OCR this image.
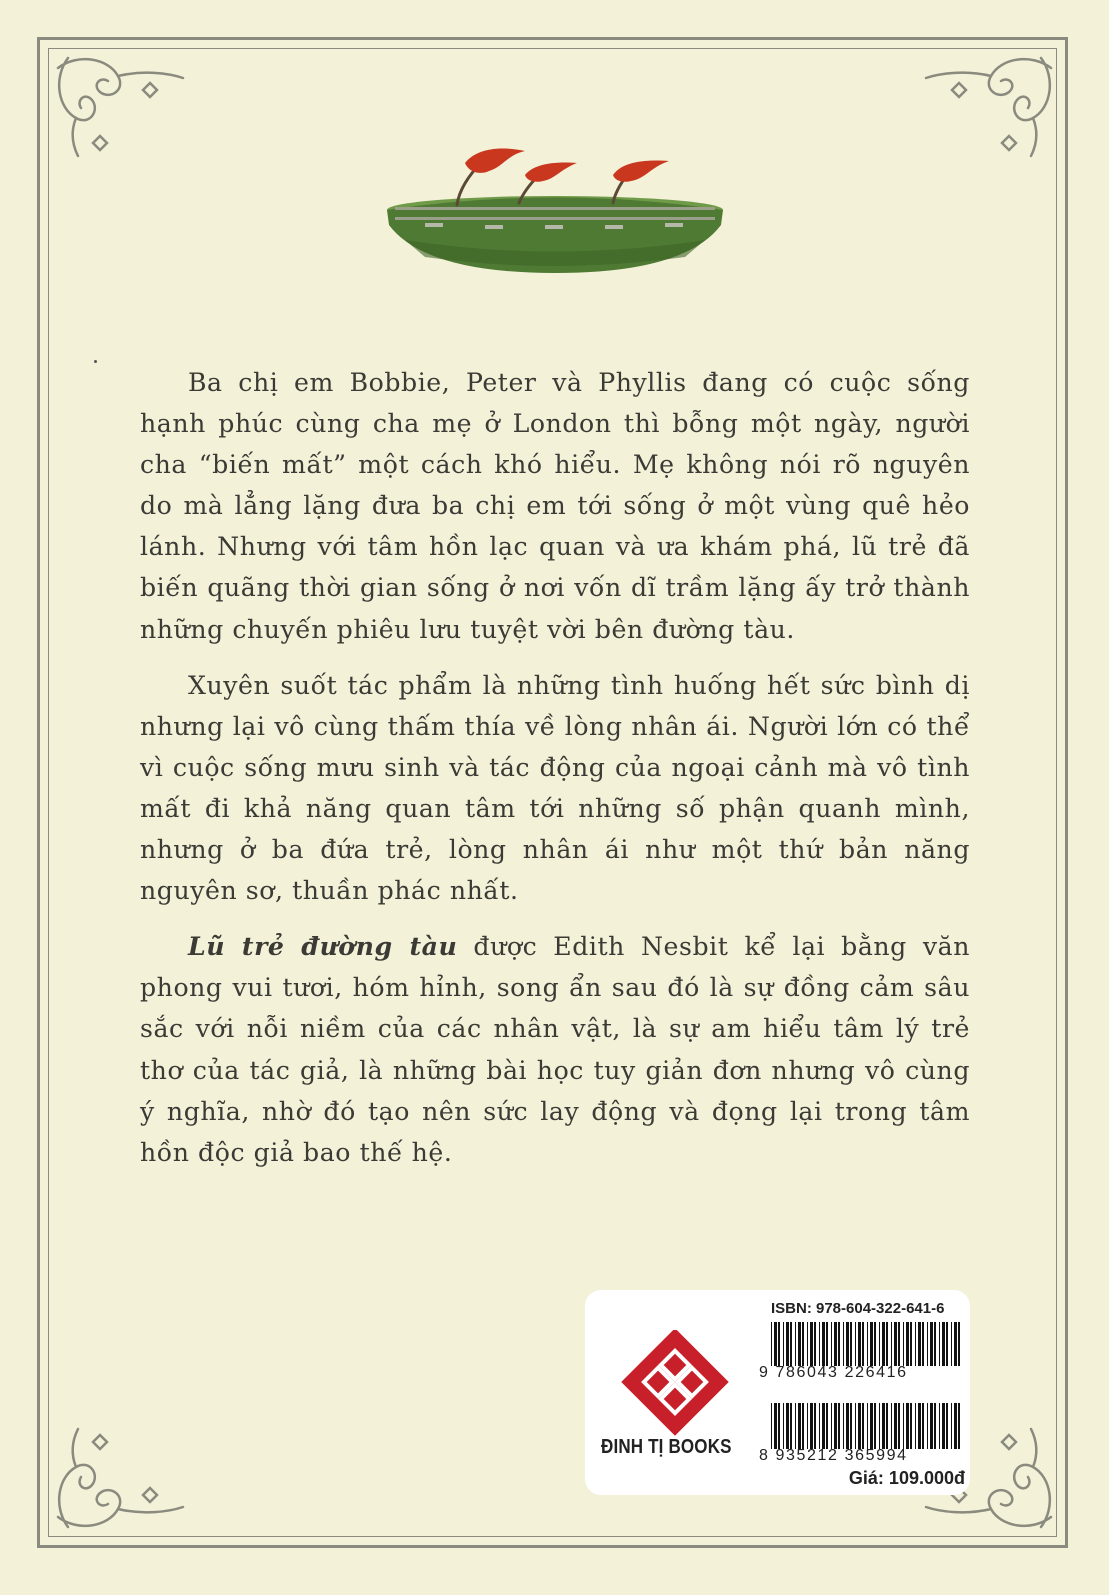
Ba chị em Bobbie, Peter và Phyllis đang có cuộc sống hạnh phúc cùng cha mẹ ở London thì bỗng một ngày, người cha “biến mất” một cách khó hiểu. Mẹ không nói rõ nguyên do mà lẳng lặng đưa ba chị em tới sống ở một vùng quê hẻo lánh. Nhưng với tâm hồn lạc quan và ưa khám phá, lũ trẻ đã biến quãng thời gian sống ở nơi vốn dĩ trầm lặng ấy trở thành những chuyến phiêu lưu tuyệt vời bên đường tàu.

Xuyên suốt tác phẩm là những tình huống hết sức bình dị nhưng lại vô cùng thấm thía về lòng nhân ái. Người lớn có thể vì cuộc sống mưu sinh và tác động của ngoại cảnh mà vô tình mất đi khả năng quan tâm tới những số phận quanh mình, nhưng ở ba đứa trẻ, lòng nhân ái như một thứ bản năng nguyên sơ, thuần phác nhất.

Lũ trẻ đường tàu được Edith Nesbit kể lại bằng văn phong vui tươi, hóm hỉnh, song ẩn sau đó là sự đồng cảm sâu sắc với nỗi niềm của các nhân vật, là sự am hiểu tâm lý trẻ thơ của tác giả, là những bài học tuy giản đơn nhưng vô cùng ý nghĩa, nhờ đó tạo nên sức lay động và đọng lại trong tâm hồn độc giả bao thế hệ.

ĐINH TỊ BOOKS
ISBN: 978-604-322-641-6
9 786043 226416
8 935212 365994
Giá: 109.000đ
